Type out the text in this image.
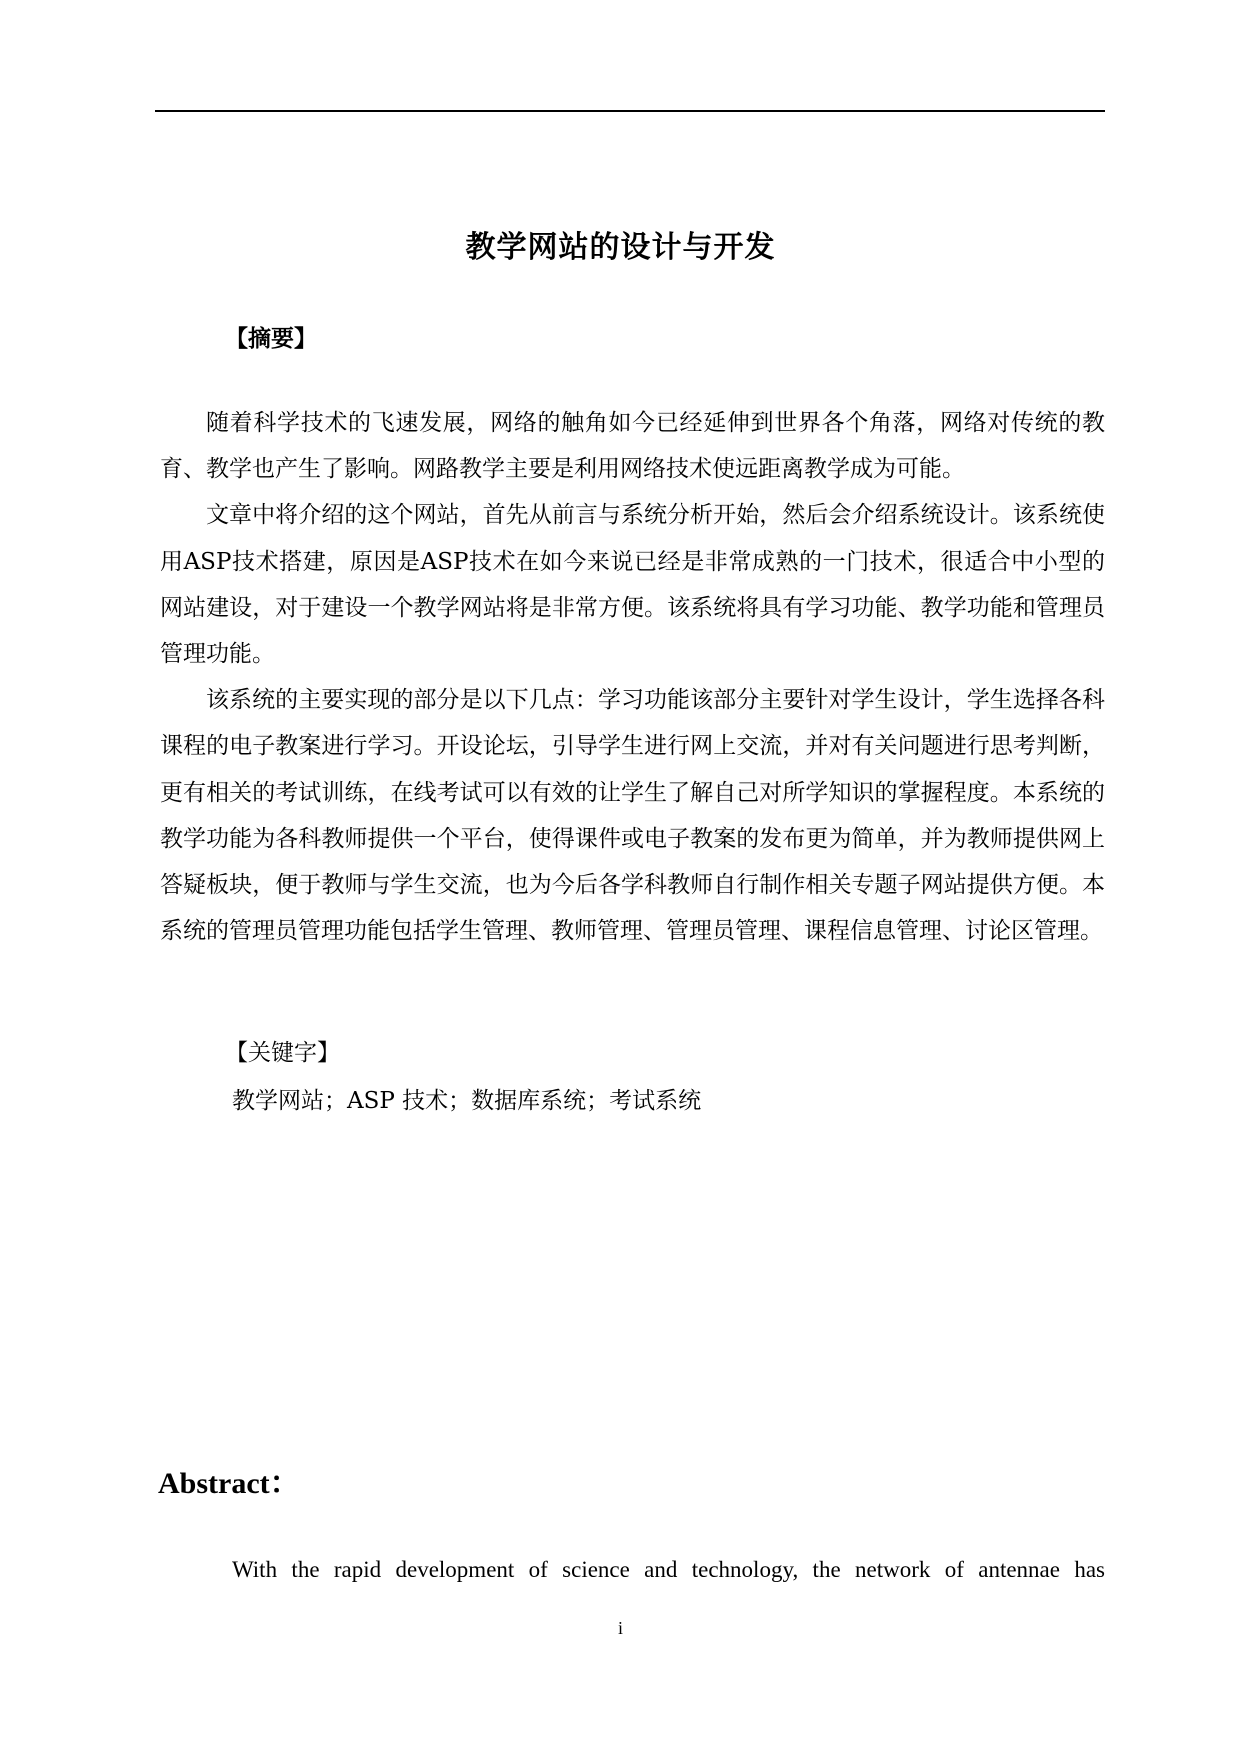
教学网站的设计与开发
【摘要】

随着科学技术的飞速发展，网络的触角如今已经延伸到世界各个角落，网络对传统的教育、教学也产生了影响。网路教学主要是利用网络技术使远距离教学成为可能。

文章中将介绍的这个网站，首先从前言与系统分析开始，然后会介绍系统设计。该系统使用ASP技术搭建，原因是ASP技术在如今来说已经是非常成熟的一门技术，很适合中小型的网站建设，对于建设一个教学网站将是非常方便。该系统将具有学习功能、教学功能和管理员管理功能。

该系统的主要实现的部分是以下几点：学习功能该部分主要针对学生设计，学生选择各科课程的电子教案进行学习。开设论坛，引导学生进行网上交流，并对有关问题进行思考判断，更有相关的考试训练，在线考试可以有效的让学生了解自己对所学知识的掌握程度。本系统的教学功能为各科教师提供一个平台，使得课件或电子教案的发布更为简单，并为教师提供网上答疑板块，便于教师与学生交流，也为今后各学科教师自行制作相关专题子网站提供方便。本系统的管理员管理功能包括学生管理、教师管理、管理员管理、课程信息管理、讨论区管理。

【关键字】
教学网站；ASP 技术；数据库系统；考试系统
Abstract：

With the rapid development of science and technology, the network of antennae has

i
